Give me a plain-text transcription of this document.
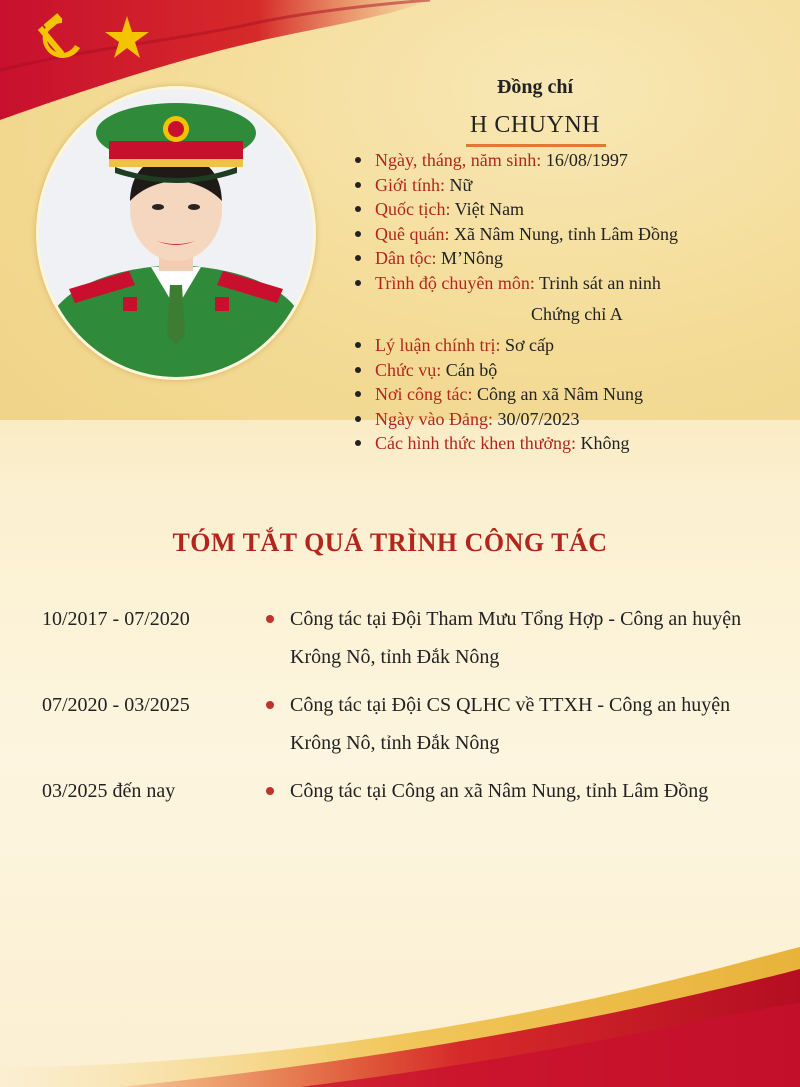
Đồng chí
H CHUYNH
Ngày, tháng, năm sinh: 16/08/1997
Giới tính: Nữ
Quốc tịch: Việt Nam
Quê quán: Xã Nâm Nung, tỉnh Lâm Đồng
Dân tộc: M’Nông
Trình độ chuyên môn: Trinh sát an ninh
Chứng chỉ A
Lý luận chính trị: Sơ cấp
Chức vụ: Cán bộ
Nơi công tác: Công an xã Nâm Nung
Ngày vào Đảng: 30/07/2023
Các hình thức khen thưởng: Không
TÓM TẮT QUÁ TRÌNH CÔNG TÁC
10/2017 - 07/2020	Công tác tại Đội Tham Mưu Tổng Hợp - Công an huyện Krông Nô, tỉnh Đắk Nông
07/2020 - 03/2025	Công tác tại Đội CS QLHC về TTXH - Công an huyện Krông Nô, tỉnh Đắk Nông
03/2025 đến nay	Công tác tại Công an xã Nâm Nung, tỉnh Lâm Đồng
